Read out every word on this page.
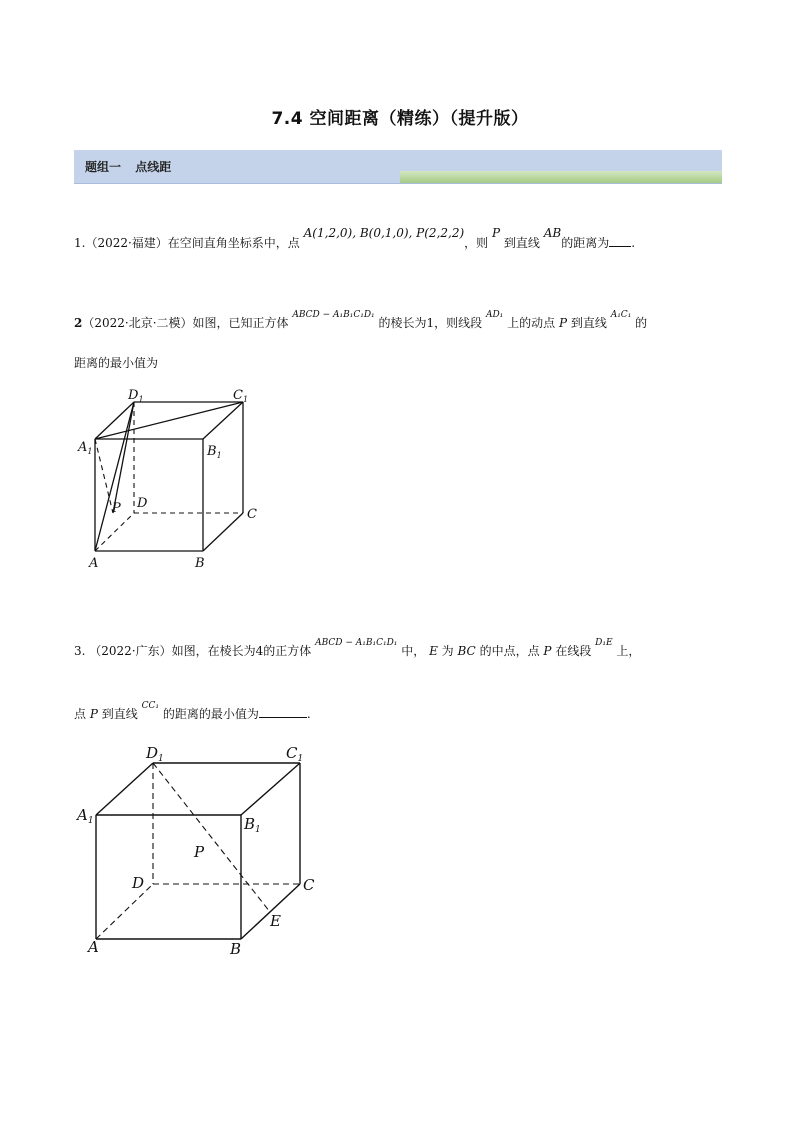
7.4 空间距离（精练）（提升版）
题组一 点线距
1.（2022·福建）在空间直角坐标系中，点 A(1,2,0), B(0,1,0), P(2,2,2)，则 P 到直线 AB的距离为 .
2（2022·北京·二模）如图，已知正方体 $^{ABCD - A_1B_1C_1D_1}$ 的棱长为1，则线段 $^{AD_1}$ 上的动点 P 到直线 $^{A_1C_1}$ 的
距离的最小值为
$D_1$	$C_1$
$A_1$	$B_1$
P D
C
A	B
3. （2022·广东）如图，在棱长为4的正方体 $^{ABCD - A_1B_1C_1D_1}$ 中， E 为 BC 的中点，点 P 在线段 $^{D_1E}$ 上，
点 P 到直线 $^{CC_1}$ 的距离的最小值为	.
$D_1$	$C_1$
$A_1$	$B_1$
P
D	C
E
A	B
